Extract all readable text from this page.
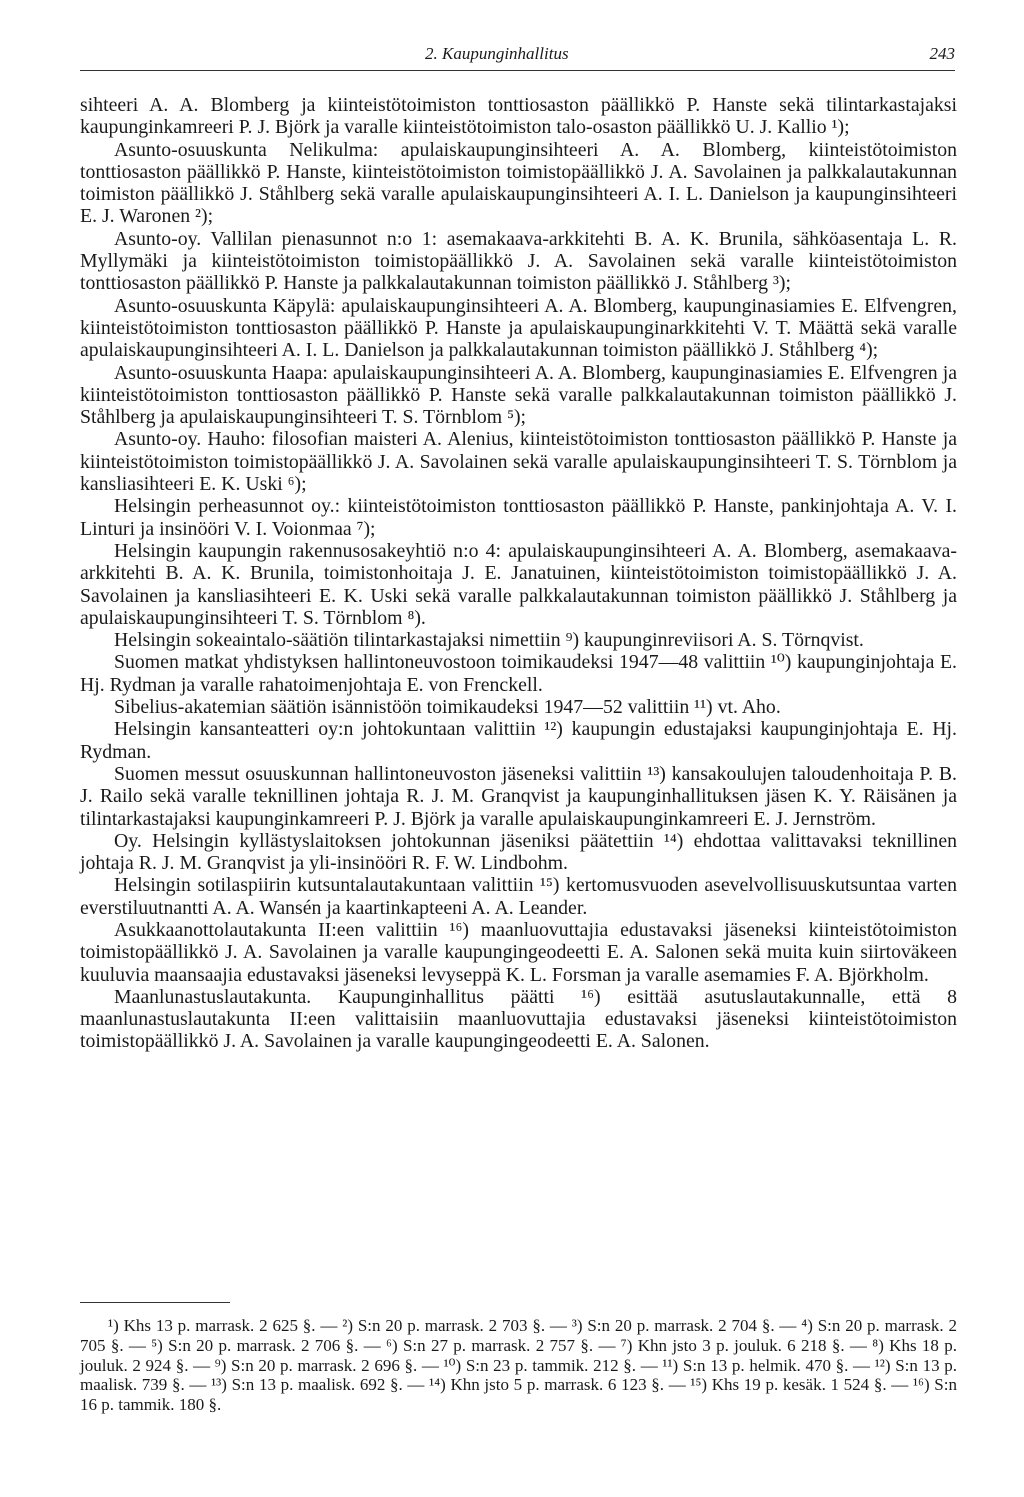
2. Kaupunginhallitus	243

sihteeri A. A. Blomberg ja kiinteistötoimiston tonttiosaston päällikkö P. Hanste sekä tilintarkastajaksi kaupunginkamreeri P. J. Björk ja varalle kiinteistötoimiston talo-osaston päällikkö U. J. Kallio ¹);

Asunto-osuuskunta Nelikulma: apulaiskaupunginsihteeri A. A. Blomberg, kiinteistötoimiston tonttiosaston päällikkö P. Hanste, kiinteistötoimiston toimistopäällikkö J. A. Savolainen ja palkkalautakunnan toimiston päällikkö J. Ståhlberg sekä varalle apulaiskaupunginsihteeri A. I. L. Danielson ja kaupunginsihteeri E. J. Waronen ²);

Asunto-oy. Vallilan pienasunnot n:o 1: asemakaava-arkkitehti B. A. K. Brunila, sähköasentaja L. R. Myllymäki ja kiinteistötoimiston toimistopäällikkö J. A. Savolainen sekä varalle kiinteistötoimiston tonttiosaston päällikkö P. Hanste ja palkkalautakunnan toimiston päällikkö J. Ståhlberg ³);

Asunto-osuuskunta Käpylä: apulaiskaupunginsihteeri A. A. Blomberg, kaupunginasiamies E. Elfvengren, kiinteistötoimiston tonttiosaston päällikkö P. Hanste ja apulaiskaupunginarkkitehti V. T. Määttä sekä varalle apulaiskaupunginsihteeri A. I. L. Danielson ja palkkalautakunnan toimiston päällikkö J. Ståhlberg ⁴);

Asunto-osuuskunta Haapa: apulaiskaupunginsihteeri A. A. Blomberg, kaupunginasiamies E. Elfvengren ja kiinteistötoimiston tonttiosaston päällikkö P. Hanste sekä varalle palkkalautakunnan toimiston päällikkö J. Ståhlberg ja apulaiskaupunginsihteeri T. S. Törnblom ⁵);

Asunto-oy. Hauho: filosofian maisteri A. Alenius, kiinteistötoimiston tonttiosaston päällikkö P. Hanste ja kiinteistötoimiston toimistopäällikkö J. A. Savolainen sekä varalle apulaiskaupunginsihteeri T. S. Törnblom ja kansliasihteeri E. K. Uski ⁶);

Helsingin perheasunnot oy.: kiinteistötoimiston tonttiosaston päällikkö P. Hanste, pankinjohtaja A. V. I. Linturi ja insinööri V. I. Voionmaa ⁷);

Helsingin kaupungin rakennusosakeyhtiö n:o 4: apulaiskaupunginsihteeri A. A. Blomberg, asemakaava-arkkitehti B. A. K. Brunila, toimistonhoitaja J. E. Janatuinen, kiinteistötoimiston toimistopäällikkö J. A. Savolainen ja kansliasihteeri E. K. Uski sekä varalle palkkalautakunnan toimiston päällikkö J. Ståhlberg ja apulaiskaupunginsihteeri T. S. Törnblom ⁸).

Helsingin sokeaintalo-säätiön tilintarkastajaksi nimettiin ⁹) kaupunginreviisori A. S. Törnqvist.

Suomen matkat yhdistyksen hallintoneuvostoon toimikaudeksi 1947—48 valittiin ¹⁰) kaupunginjohtaja E. Hj. Rydman ja varalle rahatoimenjohtaja E. von Frenckell.

Sibelius-akatemian säätiön isännistöön toimikaudeksi 1947—52 valittiin ¹¹) vt. Aho.

Helsingin kansanteatteri oy:n johtokuntaan valittiin ¹²) kaupungin edustajaksi kaupunginjohtaja E. Hj. Rydman.

Suomen messut osuuskunnan hallintoneuvoston jäseneksi valittiin ¹³) kansakoulujen taloudenhoitaja P. B. J. Railo sekä varalle teknillinen johtaja R. J. M. Granqvist ja kaupunginhallituksen jäsen K. Y. Räisänen ja tilintarkastajaksi kaupunginkamreeri P. J. Björk ja varalle apulaiskaupunginkamreeri E. J. Jernström.

Oy. Helsingin kyllästyslaitoksen johtokunnan jäseniksi päätettiin ¹⁴) ehdottaa valittavaksi teknillinen johtaja R. J. M. Granqvist ja yli-insinööri R. F. W. Lindbohm.

Helsingin sotilaspiirin kutsuntalautakuntaan valittiin ¹⁵) kertomusvuoden asevelvollisuuskutsuntaa varten everstiluutnantti A. A. Wansén ja kaartinkapteeni A. A. Leander.

Asukkaanottolautakunta II:een valittiin ¹⁶) maanluovuttajia edustavaksi jäseneksi kiinteistötoimiston toimistopäällikkö J. A. Savolainen ja varalle kaupungingeodeetti E. A. Salonen sekä muita kuin siirtoväkeen kuuluvia maansaajia edustavaksi jäseneksi levyseppä K. L. Forsman ja varalle asemamies F. A. Björkholm.

Maanlunastuslautakunta. Kaupunginhallitus päätti ¹⁶) esittää asutuslautakunnalle, että 8 maanlunastuslautakunta II:een valittaisiin maanluovuttajia edustavaksi jäseneksi kiinteistötoimiston toimistopäällikkö J. A. Savolainen ja varalle kaupungingeodeetti E. A. Salonen.

¹) Khs 13 p. marrask. 2 625 §. — ²) S:n 20 p. marrask. 2 703 §. — ³) S:n 20 p. marrask. 2 704 §. — ⁴) S:n 20 p. marrask. 2 705 §. — ⁵) S:n 20 p. marrask. 2 706 §. — ⁶) S:n 27 p. marrask. 2 757 §. — ⁷) Khn jsto 3 p. jouluk. 6 218 §. — ⁸) Khs 18 p. jouluk. 2 924 §. — ⁹) S:n 20 p. marrask. 2 696 §. — ¹⁰) S:n 23 p. tammik. 212 §. — ¹¹) S:n 13 p. helmik. 470 §. — ¹²) S:n 13 p. maalisk. 739 §. — ¹³) S:n 13 p. maalisk. 692 §. — ¹⁴) Khn jsto 5 p. marrask. 6 123 §. — ¹⁵) Khs 19 p. kesäk. 1 524 §. — ¹⁶) S:n 16 p. tammik. 180 §.
